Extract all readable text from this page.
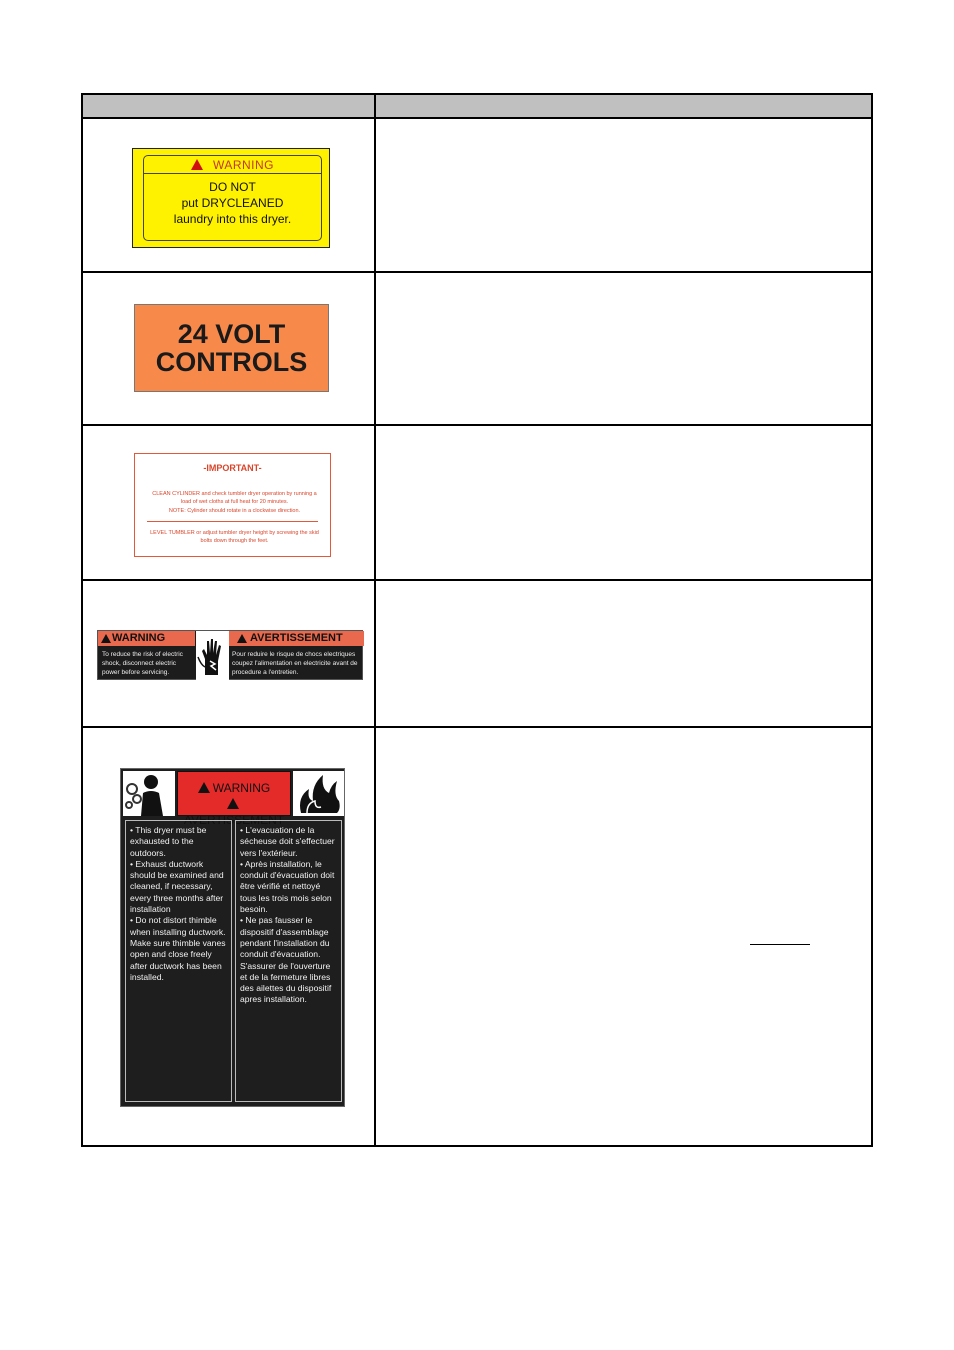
WARNING
DO NOT
put DRYCLEANED
laundry into this dryer.
24 VOLT
CONTROLS
-IMPORTANT-
CLEAN CYLINDER and check tumbler dryer operation by running a load of wet cloths at full heat for 20 minutes.
NOTE: Cylinder should rotate in a clockwise direction.
LEVEL TUMBLER or adjust tumbler dryer height by screwing the skid bolts down through the feet.
WARNING	AVERTISSEMENT
To reduce the risk of electric shock, disconnect electric power before servicing.
Pour reduire le risque de chocs electriques coupez l'alimentation en electricite avant de procedure a l'entretien.
WARNING
AVERTISSEMENT
• This dryer must be exhausted to the outdoors.
• Exhaust ductwork should be examined and cleaned, if necessary, every three months after installation
• Do not distort thimble when installing ductwork. Make sure thimble vanes open and close freely after ductwork has been installed.
• L'evacuation de la sécheuse doit s'effectuer vers l'extérieur.
• Après installation, le conduit d'évacuation doit être vérifié et nettoyé tous les trois mois selon besoin.
• Ne pas fausser le dispositif d'assemblage pendant l'installation du conduit d'évacuation. S'assurer de l'ouverture et de la fermeture libres des ailettes du dispositif apres installation.
